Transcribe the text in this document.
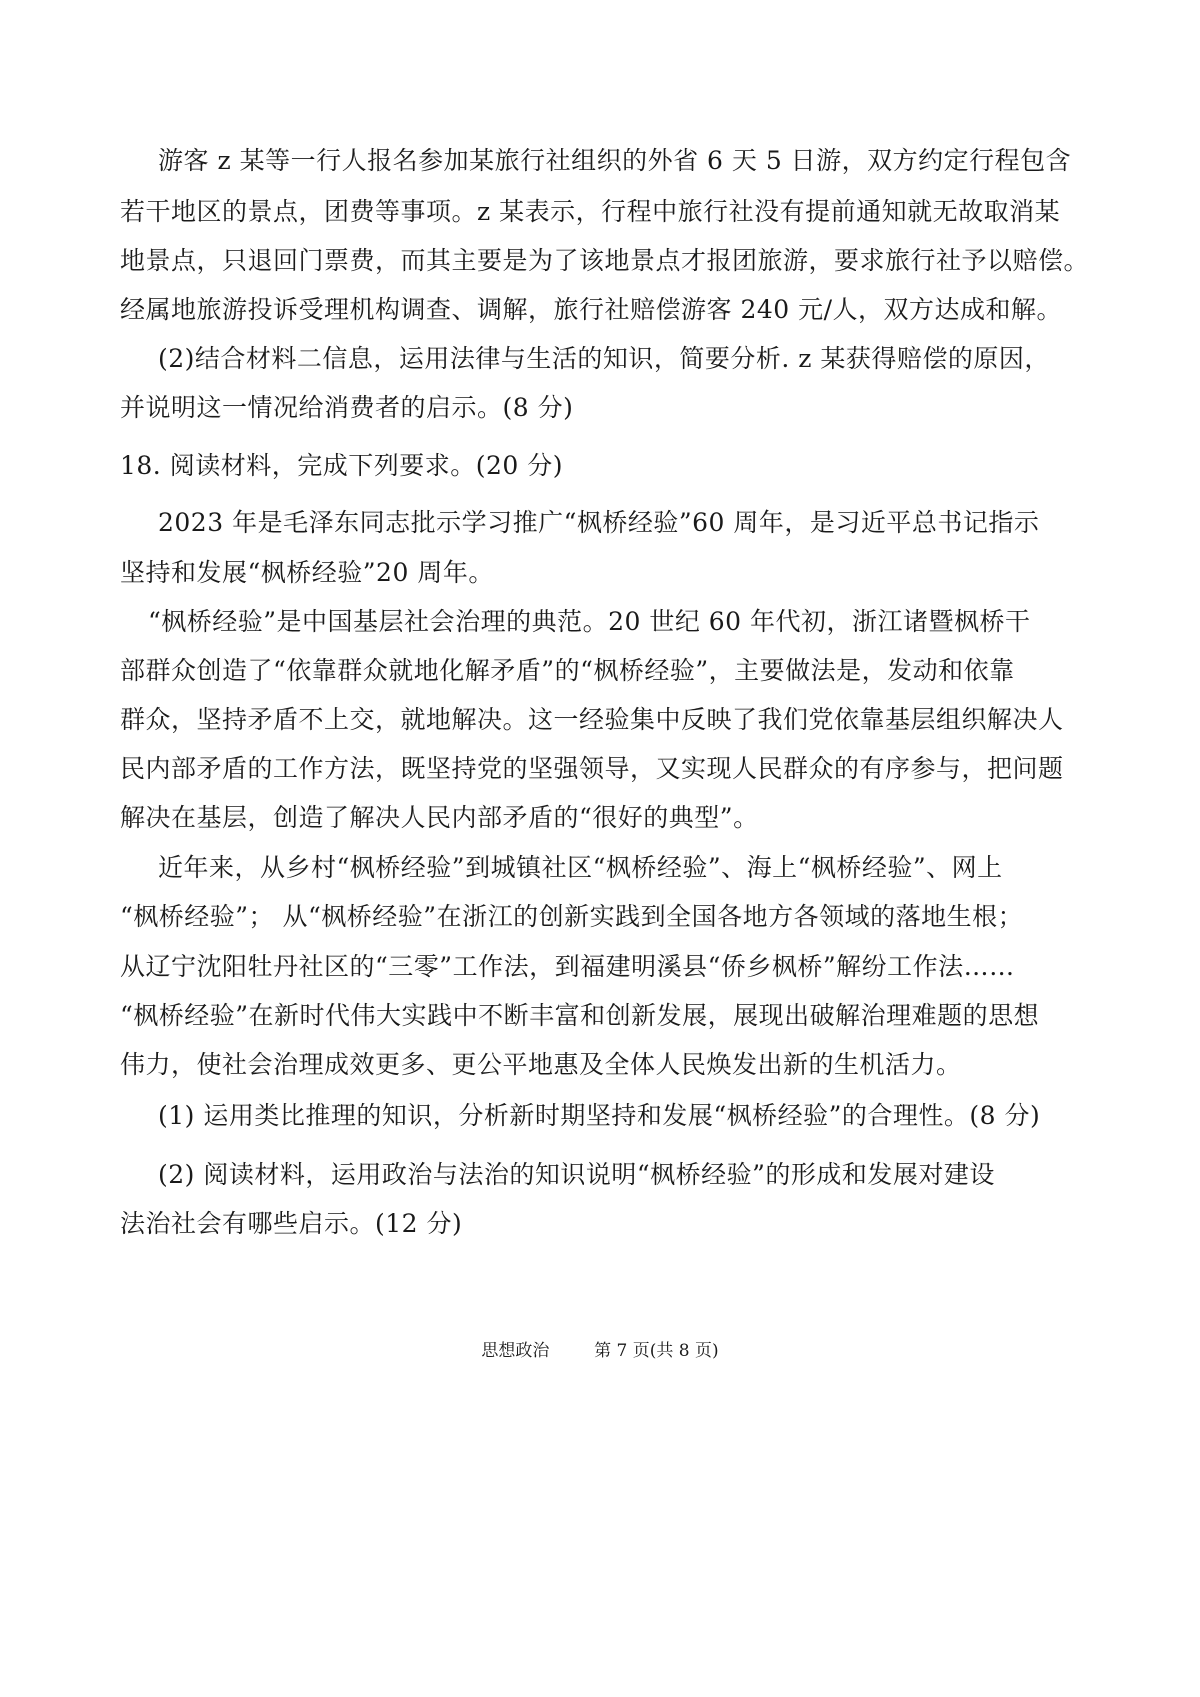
游客 z 某等一行人报名参加某旅行社组织的外省 6 天 5 日游，双方约定行程包含
若干地区的景点，团费等事项。z 某表示，行程中旅行社没有提前通知就无故取消某
地景点，只退回门票费，而其主要是为了该地景点才报团旅游，要求旅行社予以赔偿。
经属地旅游投诉受理机构调查、调解，旅行社赔偿游客 240 元/人，双方达成和解。
(2)结合材料二信息，运用法律与生活的知识，简要分析. z 某获得赔偿的原因，
并说明这一情况给消费者的启示。(8 分)
18. 阅读材料，完成下列要求。(20 分)
2023 年是毛泽东同志批示学习推广“枫桥经验”60 周年，是习近平总书记指示
坚持和发展“枫桥经验”20 周年。
“枫桥经验”是中国基层社会治理的典范。20 世纪 60 年代初，浙江诸暨枫桥干
部群众创造了“依靠群众就地化解矛盾”的“枫桥经验”，主要做法是，发动和依靠
群众，坚持矛盾不上交，就地解决。这一经验集中反映了我们党依靠基层组织解决人
民内部矛盾的工作方法，既坚持党的坚强领导，又实现人民群众的有序参与，把问题
解决在基层，创造了解决人民内部矛盾的“很好的典型”。
近年来，从乡村“枫桥经验”到城镇社区“枫桥经验”、海上“枫桥经验”、网上
“枫桥经验”； 从“枫桥经验”在浙江的创新实践到全国各地方各领域的落地生根；
从辽宁沈阳牡丹社区的“三零”工作法，到福建明溪县“侨乡枫桥”解纷工作法……
“枫桥经验”在新时代伟大实践中不断丰富和创新发展，展现出破解治理难题的思想
伟力，使社会治理成效更多、更公平地惠及全体人民焕发出新的生机活力。
(1) 运用类比推理的知识，分析新时期坚持和发展“枫桥经验”的合理性。(8 分)
(2) 阅读材料，运用政治与法治的知识说明“枫桥经验”的形成和发展对建设
法治社会有哪些启示。(12 分)
思想政治	第 7 页(共 8 页)
